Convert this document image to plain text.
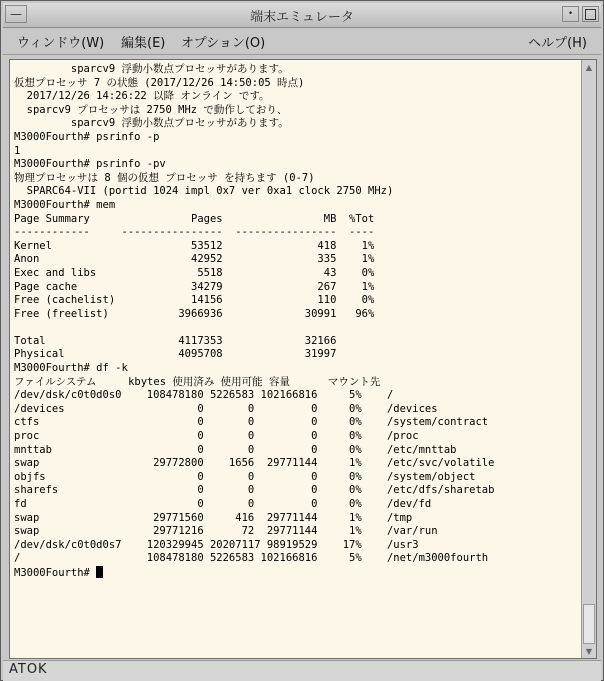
—	端末エミュレータ	•
ウィンドウ(W) 編集(E) オプション(O)	ヘルプ(H)
sparcv9 浮動小数点プロセッサがあります。
仮想プロセッサ 7 の状態 (2017/12/26 14:50:05 時点)
2017/12/26 14:26:22 以降 オンライン です。
sparcv9 プロセッサは 2750 MHz で動作しており、
sparcv9 浮動小数点プロセッサがあります。
M3000Fourth# psrinfo -p
1
M3000Fourth# psrinfo -pv
物理プロセッサは 8 個の仮想 プロセッサ を持ちます (0-7)
SPARC64-VII (portid 1024 impl 0x7 ver 0xa1 clock 2750 MHz)
M3000Fourth# mem
Page Summary                Pages                MB  %Tot
------------     ----------------  ----------------  ----
Kernel                      53512               418    1%
Anon                        42952               335    1%
Exec and libs                5518                43    0%
Page cache                  34279               267    1%
Free (cachelist)            14156               110    0%
Free (freelist)           3966936             30991   96%

Total                     4117353             32166
Physical                  4095708             31997
M3000Fourth# df -k
ファイルシステム     kbytes 使用済み 使用可能 容量      マウント先
/dev/dsk/c0t0d0s0    108478180 5226583 102166816     5%    /
/devices                     0       0         0     0%    /devices
ctfs                         0       0         0     0%    /system/contract
proc                         0       0         0     0%    /proc
mnttab                       0       0         0     0%    /etc/mnttab
swap                  29772800    1656  29771144     1%    /etc/svc/volatile
objfs                        0       0         0     0%    /system/object
sharefs                      0       0         0     0%    /etc/dfs/sharetab
fd                           0       0         0     0%    /dev/fd
swap                  29771560     416  29771144     1%    /tmp
swap                  29771216      72  29771144     1%    /var/run
/dev/dsk/c0t0d0s7    120329945 20207117 98919529    17%    /usr3
/                    108478180 5226583 102166816     5%    /net/m3000fourth
M3000Fourth#
▲
▼
ATOK
